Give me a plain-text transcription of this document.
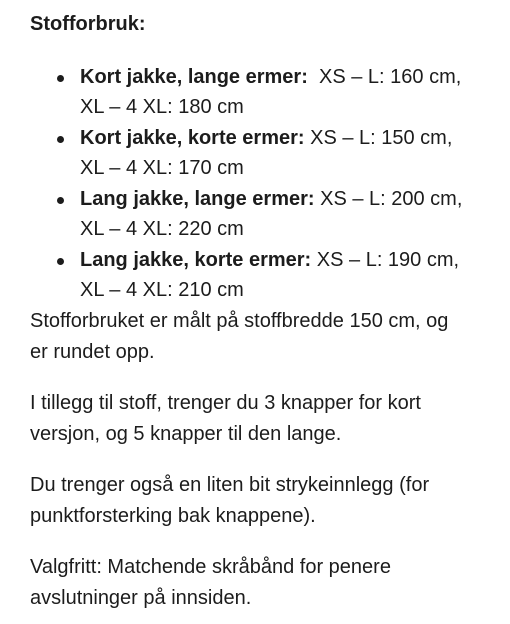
Stofforbruk:
Kort jakke, lange ermer:  XS – L: 160 cm,
XL – 4 XL: 180 cm
Kort jakke, korte ermer: XS – L: 150 cm,
XL – 4 XL: 170 cm
Lang jakke, lange ermer: XS – L: 200 cm,
XL – 4 XL: 220 cm
Lang jakke, korte ermer: XS – L: 190 cm,
XL – 4 XL: 210 cm

Stofforbruket er målt på stoffbredde 150 cm, og
er rundet opp.

I tillegg til stoff, trenger du 3 knapper for kort
versjon, og 5 knapper til den lange.

Du trenger også en liten bit strykeinnlegg (for
punktforsterking bak knappene).

Valgfritt: Matchende skråbånd for penere
avslutninger på innsiden.
